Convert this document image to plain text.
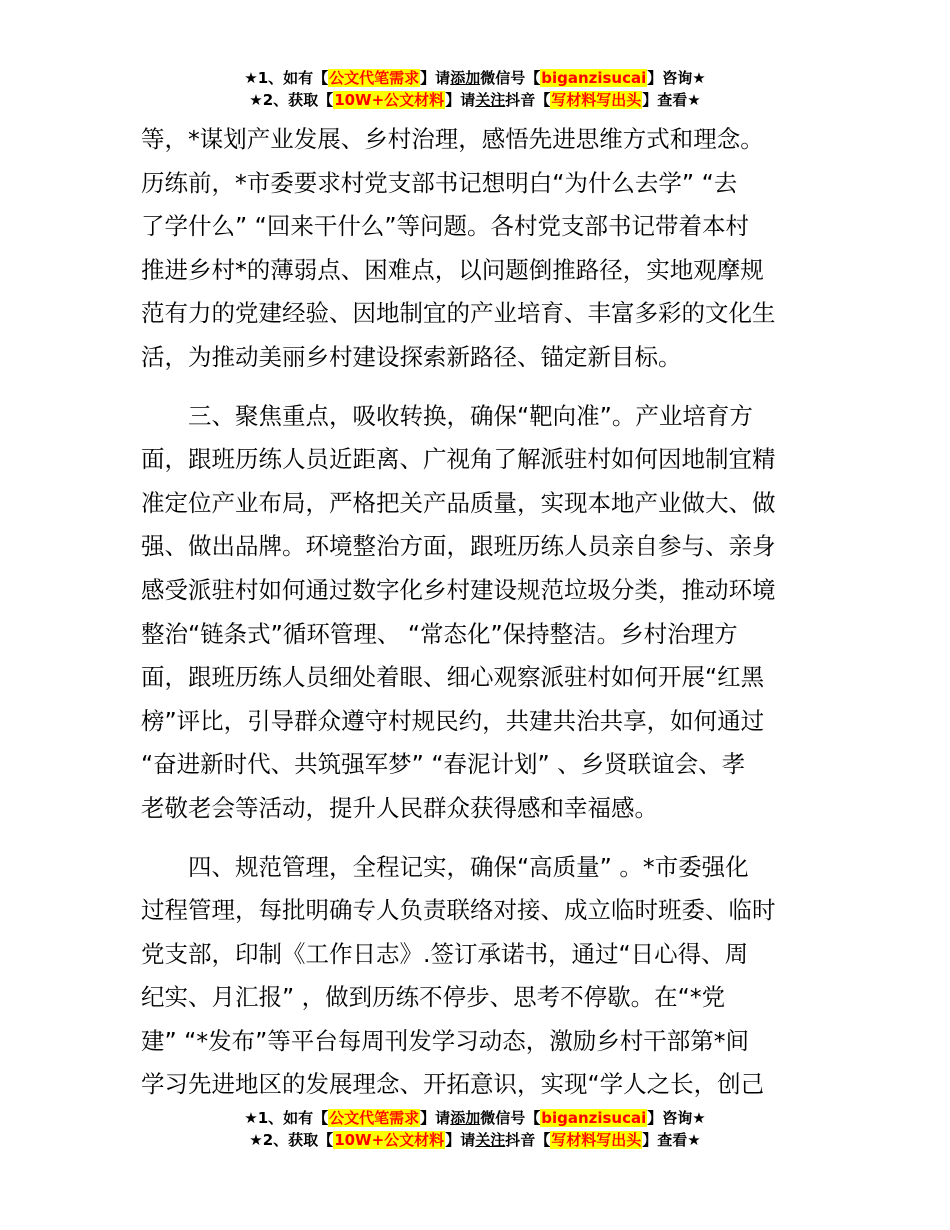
★1、如有【公文代笔需求】请添加微信号【biganzisucai】咨询★
★2、获取【10W+公文材料】请关注抖音【写材料写出头】查看★

等，*谋划产业发展、乡村治理，感悟先进思维方式和理念。
历练前，*市委要求村党支部书记想明白“为什么去学” “去
了学什么” “回来干什么”等问题。各村党支部书记带着本村
推进乡村*的薄弱点、困难点，以问题倒推路径，实地观摩规
范有力的党建经验、因地制宜的产业培育、丰富多彩的文化生
活，为推动美丽乡村建设探索新路径、锚定新目标。

三、聚焦重点，吸收转换，确保“靶向准”。产业培育方
面，跟班历练人员近距离、广视角了解派驻村如何因地制宜精
准定位产业布局，严格把关产品质量，实现本地产业做大、做
强、做出品牌。环境整治方面，跟班历练人员亲自参与、亲身
感受派驻村如何通过数字化乡村建设规范垃圾分类，推动环境
整治“链条式”循环管理、 “常态化”保持整洁。乡村治理方
面，跟班历练人员细处着眼、细心观察派驻村如何开展“红黑
榜”评比，引导群众遵守村规民约，共建共治共享，如何通过
“奋进新时代、共筑强军梦” “春泥计划” 、乡贤联谊会、孝
老敬老会等活动，提升人民群众获得感和幸福感。

四、规范管理，全程记实，确保“高质量” 。*市委强化
过程管理，每批明确专人负责联络对接、成立临时班委、临时
党支部，印制《工作日志》.签订承诺书，通过“日心得、周
纪实、月汇报” ，做到历练不停步、思考不停歇。在“*党
建” “*发布”等平台每周刊发学习动态，激励乡村干部第*间
学习先进地区的发展理念、开拓意识，实现“学人之长，创己

★1、如有【公文代笔需求】请添加微信号【biganzisucai】咨询★
★2、获取【10W+公文材料】请关注抖音【写材料写出头】查看★
